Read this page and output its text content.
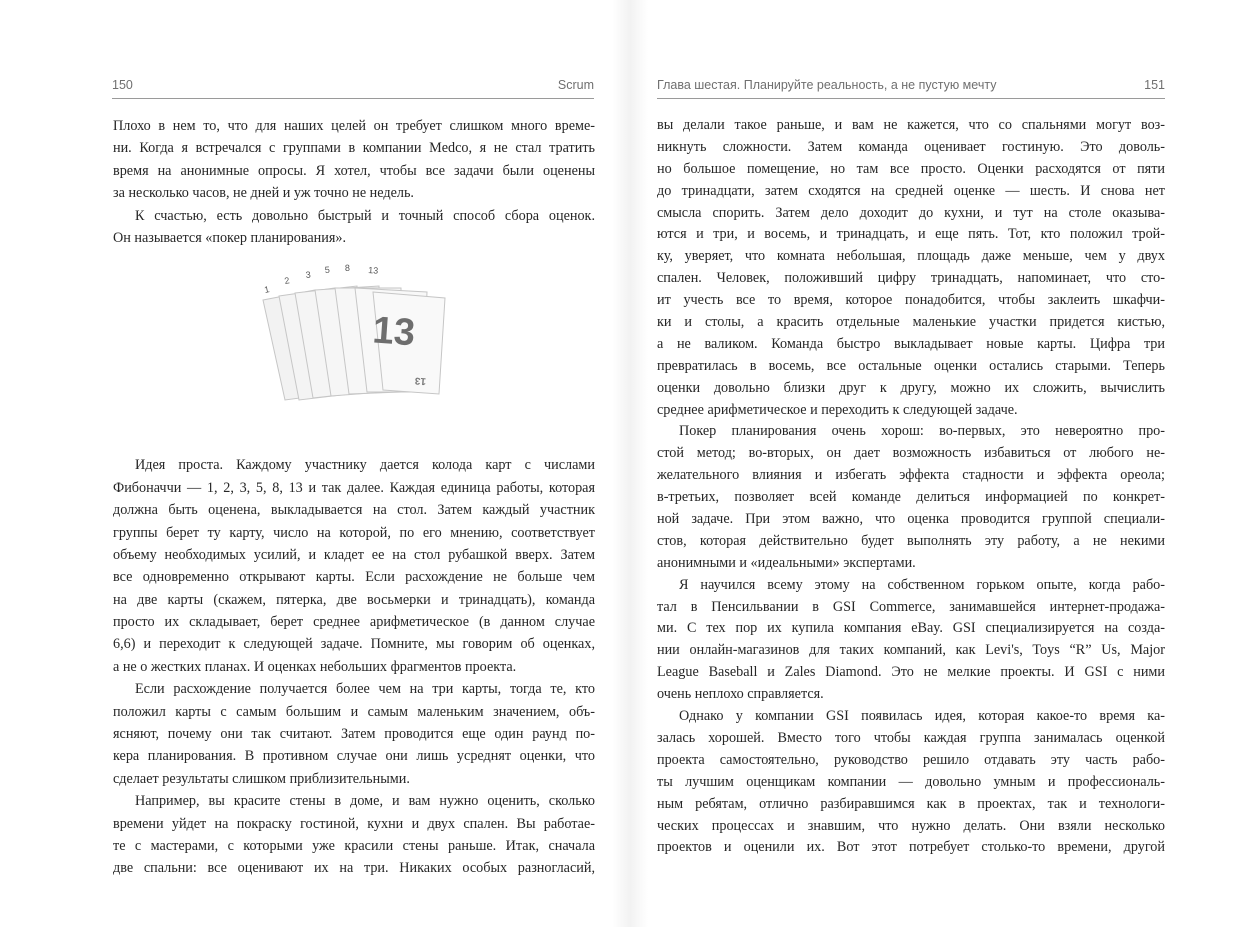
150	Scrum
Плохо в нем то, что для наших целей он требует слишком много време-
ни. Когда я встречался с группами в компании Medco, я не стал тратить
время на анонимные опросы. Я хотел, чтобы все задачи были оценены
за несколько часов, не дней и уж точно не недель.
К счастью, есть довольно быстрый и точный способ сбора оценок.
Он называется «покер планирования».
Идея проста. Каждому участнику дается колода карт с числами
Фибоначчи — 1, 2, 3, 5, 8, 13 и так далее. Каждая единица работы, которая
должна быть оценена, выкладывается на стол. Затем каждый участник
группы берет ту карту, число на которой, по его мнению, соответствует
объему необходимых усилий, и кладет ее на стол рубашкой вверх. Затем
все одновременно открывают карты. Если расхождение не больше чем
на две карты (скажем, пятерка, две восьмерки и тринадцать), команда
просто их складывает, берет среднее арифметическое (в данном случае
6,6) и переходит к следующей задаче. Помните, мы говорим об оценках,
а не о жестких планах. И оценках небольших фрагментов проекта.
Если расхождение получается более чем на три карты, тогда те, кто
положил карты с самым большим и самым маленьким значением, объ-
ясняют, почему они так считают. Затем проводится еще один раунд по-
кера планирования. В противном случае они лишь усреднят оценки, что
сделает результаты слишком приблизительными.
Например, вы красите стены в доме, и вам нужно оценить, сколько
времени уйдет на покраску гостиной, кухни и двух спален. Вы работае-
те с мастерами, с которыми уже красили стены раньше. Итак, сначала
две спальни: все оценивают их на три. Никаких особых разногласий,
1
2
3 5 8 13
13
13
Глава шестая. Планируйте реальность, а не пустую мечту	151
вы делали такое раньше, и вам не кажется, что со спальнями могут воз-
никнуть сложности. Затем команда оценивает гостиную. Это доволь-
но большое помещение, но там все просто. Оценки расходятся от пяти
до тринадцати, затем сходятся на средней оценке — шесть. И снова нет
смысла спорить. Затем дело доходит до кухни, и тут на столе оказыва-
ются и три, и восемь, и тринадцать, и еще пять. Тот, кто положил трой-
ку, уверяет, что комната небольшая, площадь даже меньше, чем у двух
спален. Человек, положивший цифру тринадцать, напоминает, что сто-
ит учесть все то время, которое понадобится, чтобы заклеить шкафчи-
ки и столы, а красить отдельные маленькие участки придется кистью,
а не валиком. Команда быстро выкладывает новые карты. Цифра три
превратилась в восемь, все остальные оценки остались старыми. Теперь
оценки довольно близки друг к другу, можно их сложить, вычислить
среднее арифметическое и переходить к следующей задаче.
Покер планирования очень хорош: во-первых, это невероятно про-
стой метод; во-вторых, он дает возможность избавиться от любого не-
желательного влияния и избегать эффекта стадности и эффекта ореола;
в-третьих, позволяет всей команде делиться информацией по конкрет-
ной задаче. При этом важно, что оценка проводится группой специали-
стов, которая действительно будет выполнять эту работу, а не некими
анонимными и «идеальными» экспертами.
Я научился всему этому на собственном горьком опыте, когда рабо-
тал в Пенсильвании в GSI Commerce, занимавшейся интернет-продажа-
ми. С тех пор их купила компания eBay. GSI специализируется на созда-
нии онлайн-магазинов для таких компаний, как Levi's, Toys “R” Us, Major
League Baseball и Zales Diamond. Это не мелкие проекты. И GSI с ними
очень неплохо справляется.
Однако у компании GSI появилась идея, которая какое-то время ка-
залась хорошей. Вместо того чтобы каждая группа занималась оценкой
проекта самостоятельно, руководство решило отдавать эту часть рабо-
ты лучшим оценщикам компании — довольно умным и профессиональ-
ным ребятам, отлично разбиравшимся как в проектах, так и технологи-
ческих процессах и знавшим, что нужно делать. Они взяли несколько
проектов и оценили их. Вот этот потребует столько-то времени, другой
